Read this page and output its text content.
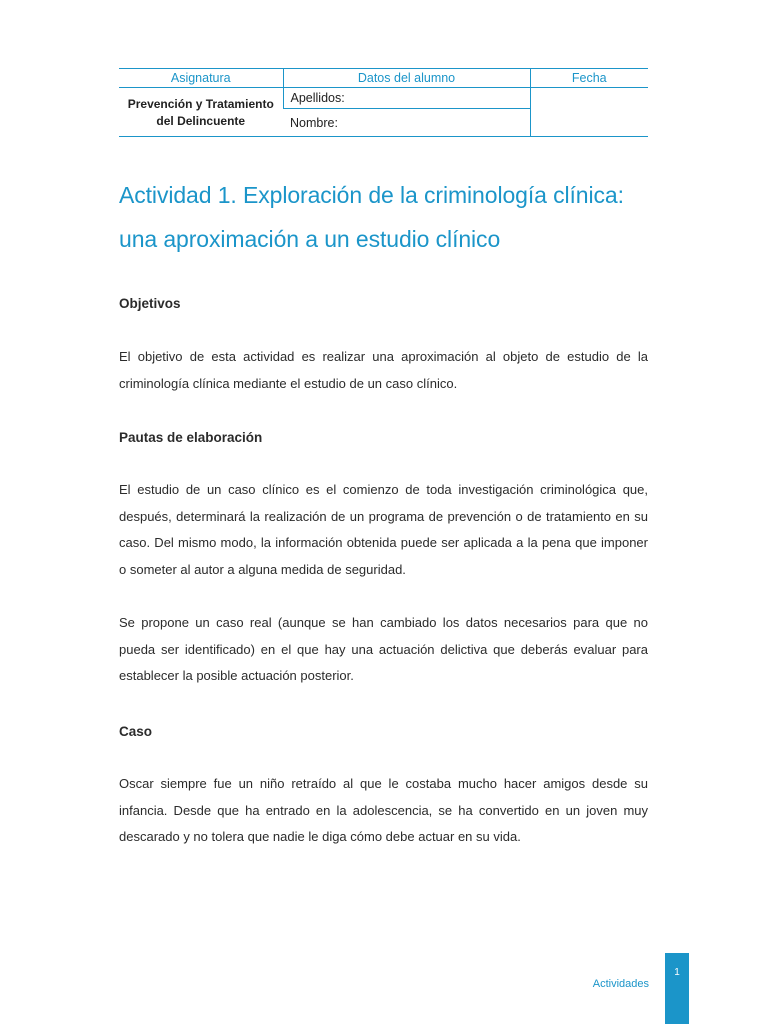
Asignatura	Datos del alumno	Fecha
Prevención y Tratamiento del Delincuente	Apellidos:	
	Nombre:	
Actividad 1. Exploración de la criminología clínica:
una aproximación a un estudio clínico
Objetivos

El objetivo de esta actividad es realizar una aproximación al objeto de estudio de la criminología clínica mediante el estudio de un caso clínico.

Pautas de elaboración

El estudio de un caso clínico es el comienzo de toda investigación criminológica que, después, determinará la realización de un programa de prevención o de tratamiento en su caso. Del mismo modo, la información obtenida puede ser aplicada a la pena que imponer o someter al autor a alguna medida de seguridad.

Se propone un caso real (aunque se han cambiado los datos necesarios para que no pueda ser identificado) en el que hay una actuación delictiva que deberás evaluar para establecer la posible actuación posterior.

Caso

Oscar siempre fue un niño retraído al que le costaba mucho hacer amigos desde su infancia. Desde que ha entrado en la adolescencia, se ha convertido en un joven muy descarado y no tolera que nadie le diga cómo debe actuar en su vida.

Actividades
1
